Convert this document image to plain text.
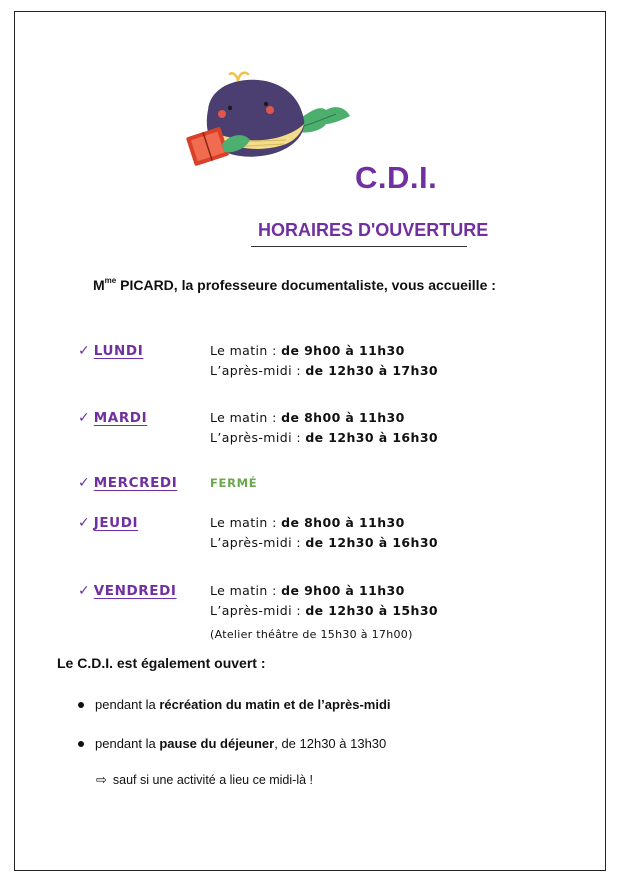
C.D.I.
HORAIRES D'OUVERTURE
$M^{me}$ PICARD, la professeure documentaliste, vous accueille :
✓ LUNDI	Le matin : de 9h00 à 11h30
L’après-midi : de 12h30 à 17h30
✓ MARDI	Le matin : de 8h00 à 11h30
L’après-midi : de 12h30 à 16h30
✓ MERCREDI	FERMÉ
✓ JEUDI	Le matin : de 8h00 à 11h30
L’après-midi : de 12h30 à 16h30
✓ VENDREDI	Le matin : de 9h00 à 11h30
L’après-midi : de 12h30 à 15h30
(Atelier théâtre de 15h30 à 17h00)
Le C.D.I. est également ouvert :
pendant la récréation du matin et de l’après-midi
pendant la pause du déjeuner, de 12h30 à 13h30
⇨ sauf si une activité a lieu ce midi-là !
